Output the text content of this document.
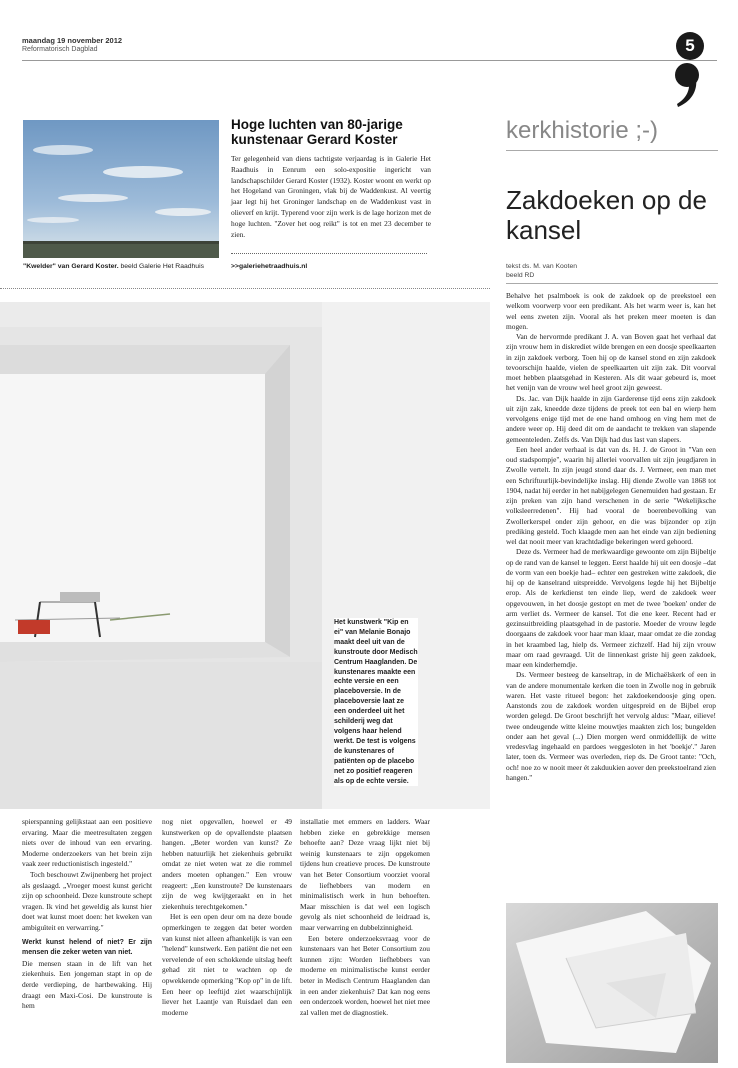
maandag 19 november 2012
Reformatorisch Dagblad	5
"Kwelder" van Gerard Koster. beeld Galerie Het Raadhuis
Hoge luchten van 80-jarige kunstenaar Gerard Koster
Ter gelegenheid van diens tachtigste verjaardag is in Galerie Het Raadhuis in Eenrum een solo-expositie ingericht van landschapschilder Gerard Koster (1932). Koster woont en werkt op het Hogeland van Groningen, vlak bij de Waddenkust. Al veertig jaar legt hij het Groninger landschap en de Waddenkust vast in olieverf en krijt. Typerend voor zijn werk is de lage horizon met de hoge luchten. "Zover het oog reikt" is tot en met 23 december te zien.
>>galeriehetraadhuis.nl
kerkhistorie ;-)
Zakdoeken op de kansel
tekst ds. M. van Kooten
beeld RD

Behalve het psalmboek is ook de zakdoek op de preekstoel een welkom voorwerp voor een predikant. Als het warm weer is, kan het wel eens zweten zijn. Vooral als het preken meer moeten is dan mogen.

Van de hervormde predikant J. A. van Boven gaat het verhaal dat zijn vrouw hem in diskrediet wilde brengen en een doosje speelkaarten in zijn zakdoek verborg. Toen hij op de kansel stond en zijn zakdoek tevoorschijn haalde, vielen de speelkaarten uit zijn zak. Dit voorval moet hebben plaatsgehad in Kesteren. Als dit waar gebeurd is, moet het venijn van de vrouw wel heel groot zijn geweest.

Ds. Jac. van Dijk haalde in zijn Garderense tijd eens zijn zakdoek uit zijn zak, kneedde deze tijdens de preek tot een bal en wierp hem vervolgens enige tijd met de ene hand omhoog en ving hem met de andere weer op. Hij deed dit om de aandacht te trekken van slapende gemeenteleden. Zelfs ds. Van Dijk had dus last van slapers.

Een heel ander verhaal is dat van ds. H. J. de Groot in "Van een oud stadspompje", waarin hij allerlei voorvallen uit zijn jeugdjaren in Zwolle vertelt. In zijn jeugd stond daar ds. J. Vermeer, een man met een Schriftuurlijk-bevindelijke inslag. Hij diende Zwolle van 1868 tot 1904, nadat hij eerder in het nabijgelegen Genemuiden had gestaan. Er zijn preken van zijn hand verschenen in de serie "Wekelijksche volksleerredenen". Hij had vooral de boerenbevolking van Zwollerkerspel onder zijn gehoor, en die was bijzonder op zijn prediking gesteld. Toch klaagde men aan het einde van zijn bediening wel dat nooit meer van krachtdadige bekeringen werd gehoord.

Deze ds. Vermeer had de merkwaardige gewoonte om zijn Bijbeltje op de rand van de kansel te leggen. Eerst haalde hij uit een doosje –dat de vorm van een boekje had– echter een gestreken witte zakdoek, die hij op de kanselrand uitspreidde. Vervolgens legde hij het Bijbeltje erop. Als de kerkdienst ten einde liep, werd de zakdoek weer opgevouwen, in het doosje gestopt en met de twee 'boeken' onder de arm verliet ds. Vermeer de kansel. Tot die ene keer. Recent had er gezinsuitbreiding plaatsgehad in de pastorie. Moeder de vrouw legde doorgaans de zakdoek voor haar man klaar, maar omdat ze die zondag in het kraambed lag, hielp ds. Vermeer zichzelf. Had hij zijn vrouw maar om raad gevraagd. Uit de linnenkast griste hij geen zakdoek, maar een kinderhemdje.

Ds. Vermeer besteeg de kanseltrap, in de Michaëlskerk of een in van de andere monumentale kerken die toen in Zwolle nog in gebruik waren. Het vaste ritueel begon: het zakdoekendoosje ging open. Aanstonds zou de zakdoek worden uitgespreid en de Bijbel erop worden gelegd. De Groot beschrijft het vervolg aldus: "Maar, eilieve! twee ondeugende witte kleine mouwtjes maakten zich los; bungelden onder aan het geval (...) Dien morgen werd onmiddellijk de witte vredesvlag ingehaald en pardoes weggesloten in het 'boekje'." Jaren later, toen ds. Vermeer was overleden, riep ds. De Groot tante: "Och, och! noe zo w nooit meer ét zakduukien aover den preekstoelrand zien hangen."

Het kunstwerk "Kip en ei" van Melanie Bonajo maakt deel uit van de kunstroute door Medisch Centrum Haaglanden. De kunstenares maakte een echte versie en een placeboversie. In de placeboversie laat ze een onderdeel uit het schilderij weg dat volgens haar helend werkt. De test is volgens de kunstenares of patiënten op de placebo net zo positief reageren als op de echte versie.

spierspanning gelijkstaat aan een positieve ervaring. Maar die meetresultaten zeggen niets over de inhoud van een ervaring. Moderne onderzoekers van het brein zijn vaak zeer reductionistisch ingesteld."

Toch beschouwt Zwijnenberg het project als geslaagd. „Vroeger moest kunst gericht zijn op schoonheid. Deze kunstroute schept vragen. Ik vind het geweldig als kunst hier doet wat kunst moet doen: het kweken van ambiguïteit en verwarring."

Werkt kunst helend of niet? Er zijn mensen die zeker weten van niet.

Die mensen staan in de lift van het ziekenhuis. Een jongeman stapt in op de derde verdieping, de hartbewaking. Hij draagt een Maxi-Cosi. De kunstroute is hem

nog niet opgevallen, hoewel er 49 kunstwerken op de opvallendste plaatsen hangen. „Beter worden van kunst? Ze hebben natuurlijk het ziekenhuis gebruikt omdat ze niet weten wat ze die rommel anders moeten ophangen." Een vrouw reageert: „Een kunstroute? De kunstenaars zijn de weg kwijtgeraakt en in het ziekenhuis terechtgekomen."

Het is een open deur om na deze boude opmerkingen te zeggen dat beter worden van kunst niet alleen afhankelijk is van een "helend" kunstwerk. Een patiënt die net een vervelende of een schokkende uitslag heeft gehad zit niet te wachten op de opwekkende opmerking "Kop op" in de lift. Een heer op leeftijd ziet waarschijnlijk liever het Laantje van Ruisdael dan een moderne

installatie met emmers en ladders. Waar hebben zieke en gebrekkige mensen behoefte aan? Deze vraag lijkt niet bij weinig kunstenaars te zijn opgekomen tijdens hun creatieve proces. De kunstroute van het Beter Consortium voorziet vooral de liefhebbers van modern en minimalistisch werk in hun behoeften. Maar misschien is dat wel een logisch gevolg als niet schoonheid de leidraad is, maar verwarring en dubbelzinnigheid.

Een betere onderzoeksvraag voor de kunstenaars van het Beter Consortium zou kunnen zijn: Worden liefhebbers van moderne en minimalistische kunst eerder beter in Medisch Centrum Haaglanden dan in een ander ziekenhuis? Dat kan nog eens een onderzoek worden, hoewel het niet mee zal vallen met de diagnostiek.
